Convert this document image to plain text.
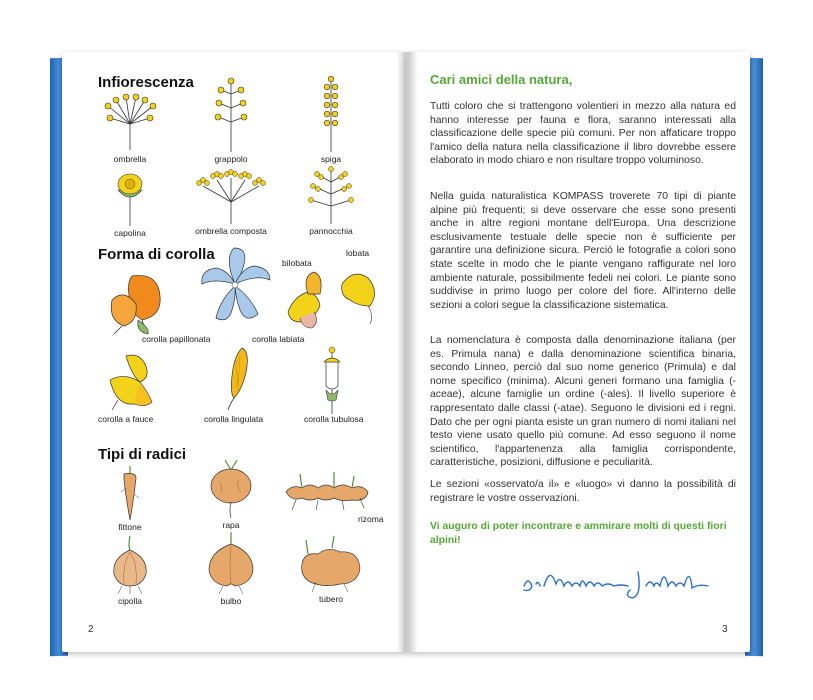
Infiorescenza
ombrella	grappolo	spiga
capolina	ombrella composta	pannocchia
Forma di corolla
corolla papillonata
bilobata
lobata
corolla labiata
corolla a fauce	corolla lingulata	corolla tubulosa
Tipi di radici
fittone	rapa
rizoma
cipolla	bulbo	tubero
2
Cari amici della natura,
Tutti coloro che si trattengono volentieri in mezzo alla natura ed hanno interesse per fauna e flora, saranno interessati alla classificazione delle specie più comuni. Per non affaticare troppo l'amico della natura nella classificazione il libro dovrebbe essere elaborato in modo chiaro e non risultare troppo voluminoso.
Nella guida naturalistica KOMPASS troverete 70 tipi di piante alpine più frequenti; si deve osservare che esse sono presenti anche in altre regioni montane dell'Europa. Una descrizione esclusivamente testuale delle specie non è sufficiente per garantire una definizione sicura. Perciò le fotografie a colori sono state scelte in modo che le piante vengano raffigurate nel loro ambiente naturale, possibilmente fedeli nei colori. Le piante sono suddivise in primo luogo per colore del fiore. All'interno delle sezioni a colori segue la classificazione sistematica.
La nomenclatura è composta dalla denominazione italiana (per es. Primula nana) e dalla denominazione scientifica binaria, secondo Linneo, perciò dal suo nome generico (Primula) e dal nome specifico (minima). Alcuni generi formano una famiglia (-aceae), alcune famiglie un ordine (-ales). Il livello superiore è rappresentato dalle classi (-atae). Seguono le divisioni ed i regni. Dato che per ogni pianta esiste un gran numero di nomi italiani nel testo viene usato quello più comune. Ad esso seguono il nome scientifico, l'appartenenza alla famiglia corrispondente, caratteristiche, posizioni, diffusione e peculiarità.
Le sezioni «osservato/a il» e «luogo» vi danno la possibilità di registrare le vostre osservazioni.
Vi auguro di poter incontrare e ammirare molti di questi fiori alpini!
3
